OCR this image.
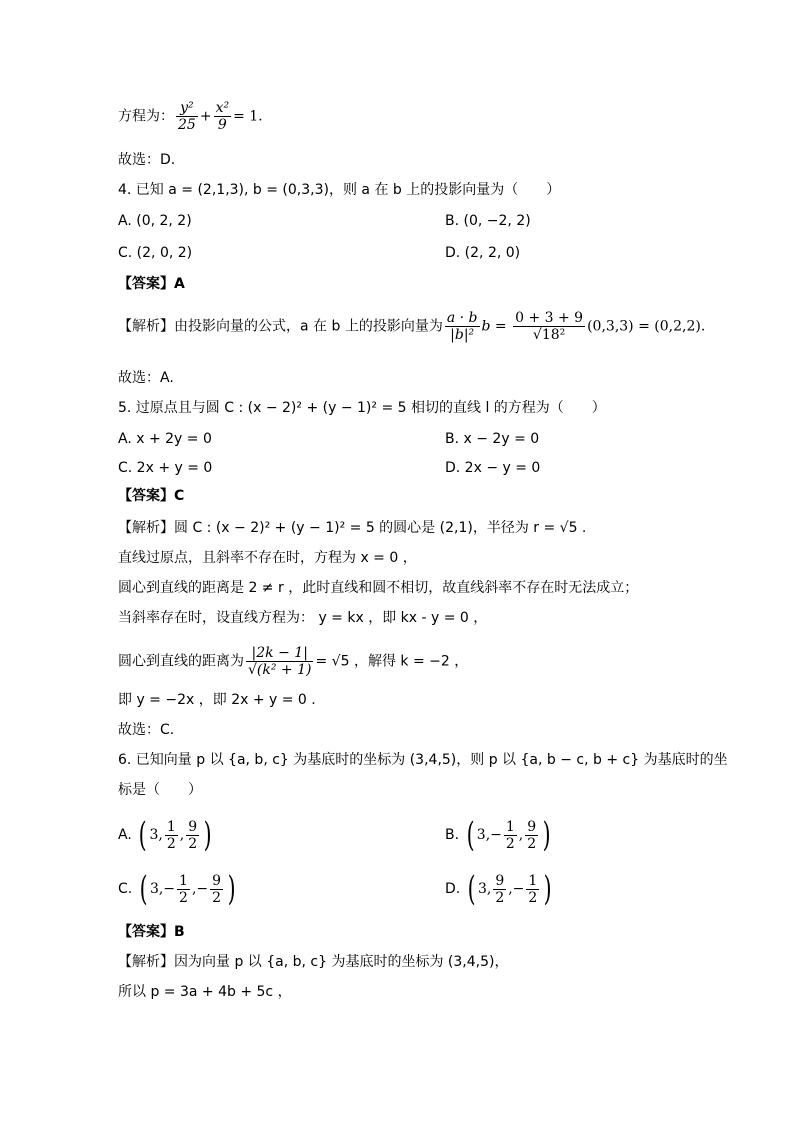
方程为： $\frac{\text{y²}}{25} + \frac{\text{x²}}{9} = 1$.
故选：D.
4. 已知 a = (2,1,3), b = (0,3,3)，则 a 在 b 上的投影向量为（　　）
A. (0, 2, 2)	B. (0, −2, 2)
C. (2, 0, 2)	D. (2, 2, 0)
【答案】A
【解析】由投影向量的公式，a 在 b 上的投影向量为 $\frac{a \cdot b}{\text{|b|²}}$ $b = \frac{0 + 3 + 9}{\text{√18²}} (0,3,3) = (0,2,2)$.
故选：A.
5. 过原点且与圆 C : (x − 2)² + (y − 1)² = 5 相切的直线 l 的方程为（　　）
A. x + 2y = 0	B. x − 2y = 0
C. 2x + y = 0	D. 2x − y = 0
【答案】C
【解析】圆 C : (x − 2)² + (y − 1)² = 5 的圆心是 (2,1)，半径为 r = √5 .
直线过原点，且斜率不存在时，方程为 x = 0 ，
圆心到直线的距离是 2 ≠ r ，此时直线和圆不相切，故直线斜率不存在时无法成立；
当斜率存在时，设直线方程为： y = kx ，即 kx - y = 0 ，
圆心到直线的距离为 $\frac{|2k - 1|}{\text{√(k² + 1)}} = √5$ ，解得 k = −2 ，
即 y = −2x ，即 2x + y = 0 .
故选：C.
6. 已知向量 p 以 {a, b, c} 为基底时的坐标为 (3,4,5)，则 p 以 {a, b − c, b + c} 为基底时的坐
标是（　　）
A. ( 3, $\frac{1}{2}$ , $\frac{9}{2}$ )	B. ( $3,- \frac{1}{2}$ , $\frac{9}{2}$ )
C. ( $3,- \frac{1}{2}$ ,− $\frac{9}{2}$ )	D. ( 3, $\frac{9}{2}$ ,− $\frac{1}{2}$ )
【答案】B
【解析】因为向量 p 以 {a, b, c} 为基底时的坐标为 (3,4,5)，
所以 p = 3a + 4b + 5c ，
